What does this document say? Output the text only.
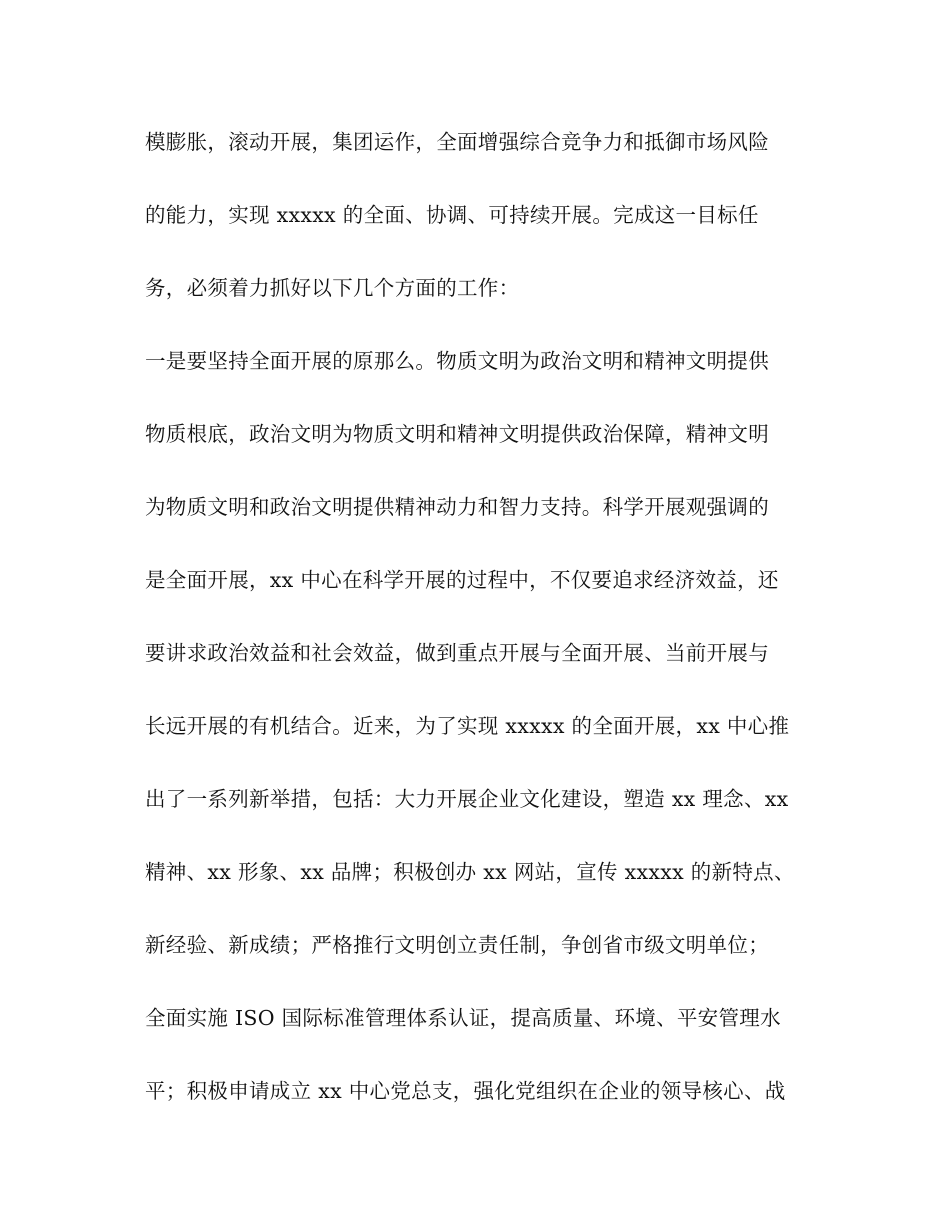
模膨胀，滚动开展，集团运作，全面增强综合竞争力和抵御市场风险
的能力，实现 xxxxx 的全面、协调、可持续开展。完成这一目标任
务，必须着力抓好以下几个方面的工作：
一是要坚持全面开展的原那么。物质文明为政治文明和精神文明提供
物质根底，政治文明为物质文明和精神文明提供政治保障，精神文明
为物质文明和政治文明提供精神动力和智力支持。科学开展观强调的
是全面开展，xx 中心在科学开展的过程中，不仅要追求经济效益，还
要讲求政治效益和社会效益，做到重点开展与全面开展、当前开展与
长远开展的有机结合。近来，为了实现 xxxxx 的全面开展，xx 中心推
出了一系列新举措，包括：大力开展企业文化建设，塑造 xx 理念、xx
精神、xx 形象、xx 品牌；积极创办 xx 网站，宣传 xxxxx 的新特点、
新经验、新成绩；严格推行文明创立责任制，争创省市级文明单位；
全面实施 ISO 国际标准管理体系认证，提高质量、环境、平安管理水
平；积极申请成立 xx 中心党总支，强化党组织在企业的领导核心、战
